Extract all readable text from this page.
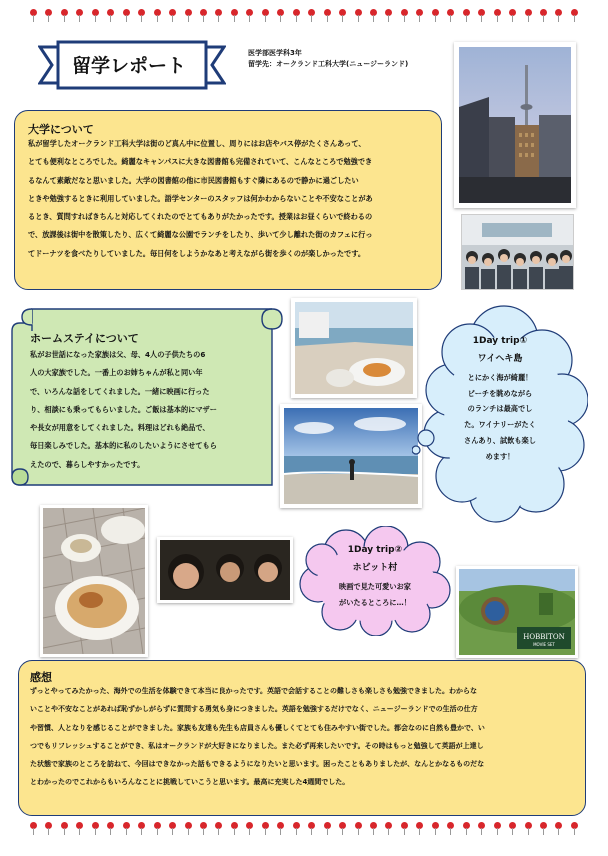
留学レポート
医学部医学科3年
留学先：オークランド工科大学(ニュージーランド)
大学について
私が留学したオークランド工科大学は街のど真ん中に位置し、周りにはお店やバス停がたくさんあって、
とても便利なところでした。綺麗なキャンパスに大きな図書館も完備されていて、こんなところで勉強でき
るなんて素敵だなと思いました。大学の図書館の他に市民図書館もすぐ隣にあるので静かに過ごしたい
ときや勉強するときに利用していました。語学センターのスタッフは何かわからないことや不安なことがあ
るとき、質問すればきちんと対応してくれたのでとてもありがたかったです。授業はお昼くらいで終わるの
で、放課後は街中を散策したり、広くて綺麗な公園でランチをしたり、歩いて少し離れた街のカフェに行っ
てドーナツを食べたりしていました。毎日何をしようかなあと考えながら街を歩くのが楽しかったです。
ホームステイについて
私がお世話になった家族は父、母、4人の子供たちの6
人の大家族でした。一番上のお姉ちゃんが私と同い年
で、いろんな話をしてくれました。一緒に映画に行った
り、相談にも乗ってもらいました。ご飯は基本的にマザー
や長女が用意をしてくれました。料理はどれも絶品で、
毎日楽しみでした。基本的に私のしたいようにさせてもら
えたので、暮らしやすかったです。
1Day trip①
ワイヘキ島
とにかく海が綺麗！
ビーチを眺めながら
のランチは最高でし
た。ワイナリーがたく
さんあり、試飲も楽し
めます！
1Day trip②
ホビット村
映画で見た可愛いお家
がいたるところに…！
HOBBITON
MOVIE SET
感想
ずっとやってみたかった、海外での生活を体験できて本当に良かったです。英語で会話することの難しさも楽しさも勉強できました。わからな
いことや不安なことがあれば恥ずかしがらずに質問する勇気も身につきました。英語を勉強するだけでなく、ニュージーランドでの生活の仕方
や習慣、人となりを感じることができました。家族も友達も先生も店員さんも優しくてとても住みやすい街でした。都会なのに自然も豊かで、い
つでもリフレッシュすることができ、私はオークランドが大好きになりました。また必ず再来したいです。その時はもっと勉強して英語が上達し
た状態で家族のところを訪ねて、今回はできなかった話もできるようになりたいと思います。困ったこともありましたが、なんとかなるものだな
とわかったのでこれからもいろんなことに挑戦していこうと思います。最高に充実した4週間でした。
